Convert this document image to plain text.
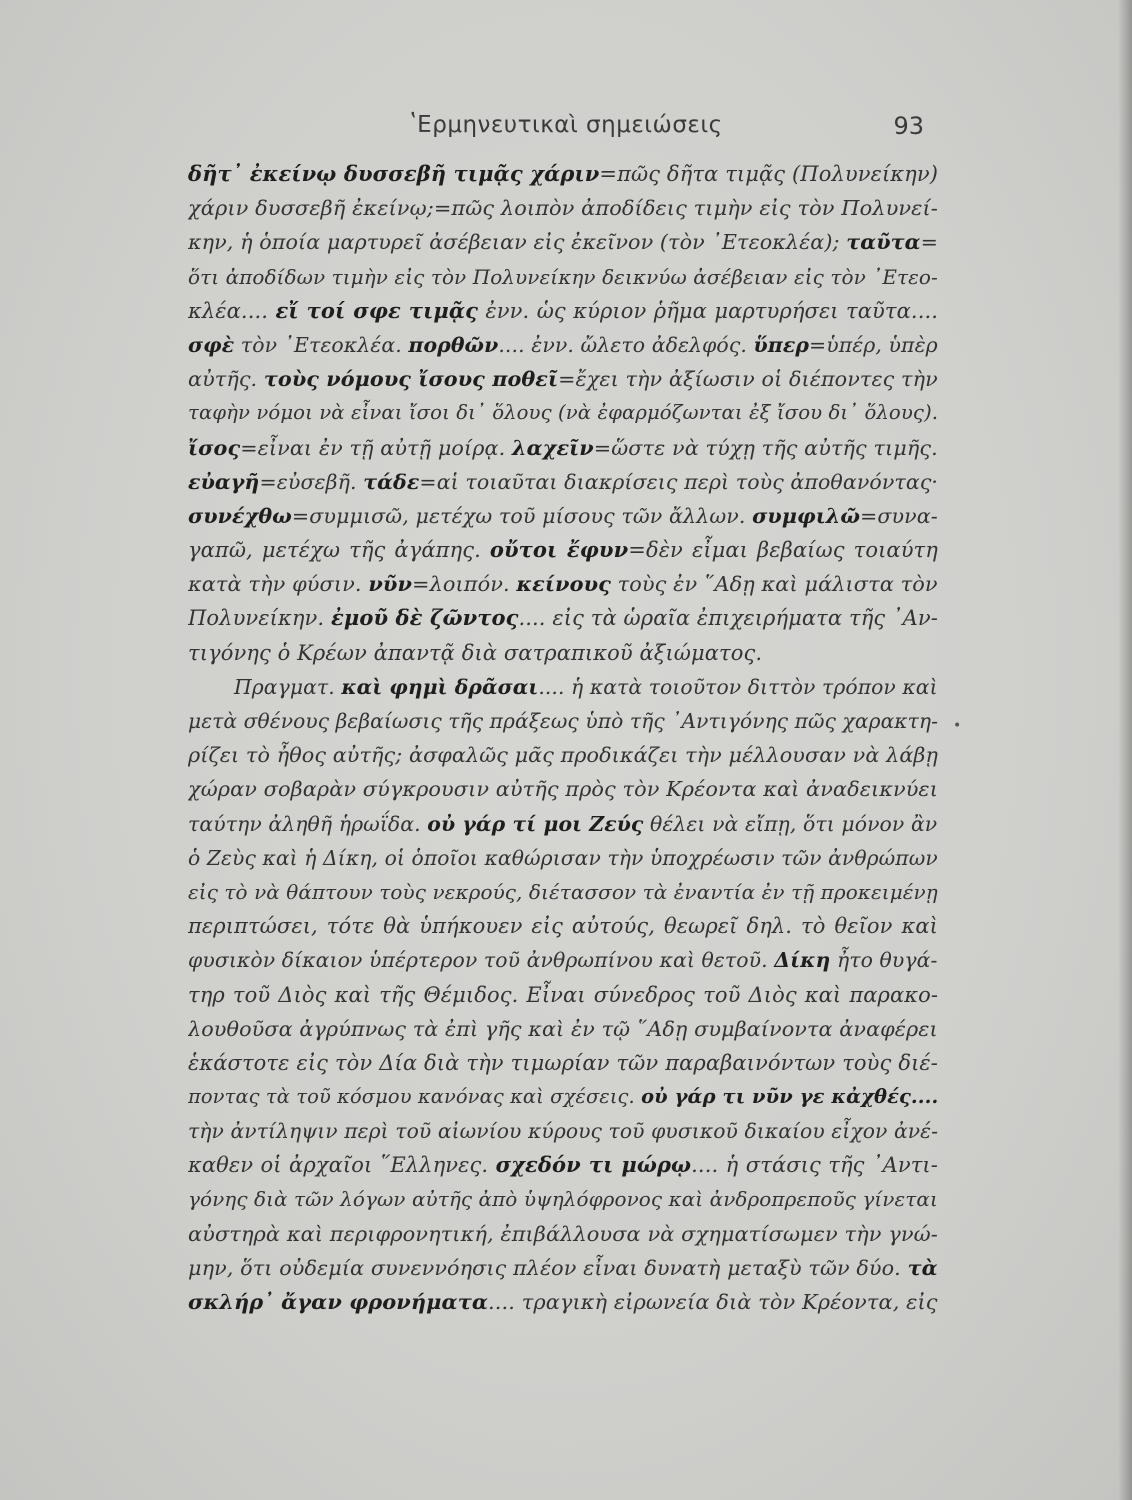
ʽΕρμηνευτικαὶ σημειώσεις	93
δῆτ᾽ ἐκείνῳ δυσσεβῆ τιμᾷς χάριν=πῶς δῆτα τιμᾷς (Πολυνείκην)
χάριν δυσσεβῆ ἐκείνῳ;=πῶς λοιπὸν ἀποδίδεις τιμὴν εἰς τὸν Πολυνεί-
κην, ἡ ὁποία μαρτυρεῖ ἀσέβειαν εἰς ἐκεῖνον (τὸν ᾽Ετεοκλέα); ταῦτα=
ὅτι ἀποδίδων τιμὴν εἰς τὸν Πολυνείκην δεικνύω ἀσέβειαν εἰς τὸν ᾽Ετεο-
κλέα.... εἴ τοί σφε τιμᾷς ἐνν. ὡς κύριον ῥῆμα μαρτυρήσει ταῦτα....
σφὲ τὸν ᾽Ετεοκλέα. πορθῶν.... ἐνν. ὤλετο ἀδελφός. ὕπερ=ὑπέρ, ὑπὲρ
αὐτῆς. τοὺς νόμους ἴσους ποθεῖ=ἔχει τὴν ἀξίωσιν οἱ διέποντες τὴν
ταφὴν νόμοι νὰ εἶναι ἴσοι δι᾽ ὅλους (νὰ ἐφαρμόζωνται ἐξ ἴσου δι᾽ ὅλους).
ἴσος=εἶναι ἐν τῇ αὐτῇ μοίρᾳ. λαχεῖν=ὥστε νὰ τύχῃ τῆς αὐτῆς τιμῆς.
εὐαγῆ=εὐσεβῆ. τάδε=αἱ τοιαῦται διακρίσεις περὶ τοὺς ἀποθανόντας·
συνέχθω=συμμισῶ, μετέχω τοῦ μίσους τῶν ἄλλων. συμφιλῶ=συνα-
γαπῶ, μετέχω τῆς ἀγάπης. οὔτοι ἔφυν=δὲν εἶμαι βεβαίως τοιαύτη
κατὰ τὴν φύσιν. νῦν=λοιπόν. κείνους τοὺς ἐν ῞Αδῃ καὶ μάλιστα τὸν
Πολυνείκην. ἐμοῦ δὲ ζῶντος.... εἰς τὰ ὡραῖα ἐπιχειρήματα τῆς ᾽Αν-
τιγόνης ὁ Κρέων ἀπαντᾷ διὰ σατραπικοῦ ἀξιώματος.
Πραγματ. καὶ φημὶ δρᾶσαι.... ἡ κατὰ τοιοῦτον διττὸν τρόπον καὶ
μετὰ σθένους βεβαίωσις τῆς πράξεως ὑπὸ τῆς ᾽Αντιγόνης πῶς χαρακτη-
ρίζει τὸ ἦθος αὐτῆς; ἀσφαλῶς μᾶς προδικάζει τὴν μέλλουσαν νὰ λάβῃ
χώραν σοβαρὰν σύγκρουσιν αὐτῆς πρὸς τὸν Κρέοντα καὶ ἀναδεικνύει
ταύτην ἀληθῆ ἡρωΐδα. οὐ γάρ τί μοι Ζεύς θέλει νὰ εἴπῃ, ὅτι μόνον ἂν
ὁ Ζεὺς καὶ ἡ Δίκη, οἱ ὁποῖοι καθώρισαν τὴν ὑποχρέωσιν τῶν ἀνθρώπων
εἰς τὸ νὰ θάπτουν τοὺς νεκρούς, διέτασσον τὰ ἐναντία ἐν τῇ προκειμένῃ
περιπτώσει, τότε θὰ ὑπήκουεν εἰς αὐτούς, θεωρεῖ δηλ. τὸ θεῖον καὶ
φυσικὸν δίκαιον ὑπέρτερον τοῦ ἀνθρωπίνου καὶ θετοῦ. Δίκη ἦτο θυγά-
τηρ τοῦ Διὸς καὶ τῆς Θέμιδος. Εἶναι σύνεδρος τοῦ Διὸς καὶ παρακο-
λουθοῦσα ἀγρύπνως τὰ ἐπὶ γῆς καὶ ἐν τῷ ῞Αδῃ συμβαίνοντα ἀναφέρει
ἑκάστοτε εἰς τὸν Δία διὰ τὴν τιμωρίαν τῶν παραβαινόντων τοὺς διέ-
ποντας τὰ τοῦ κόσμου κανόνας καὶ σχέσεις. οὐ γάρ τι νῦν γε κἀχθές....
τὴν ἀντίληψιν περὶ τοῦ αἰωνίου κύρους τοῦ φυσικοῦ δικαίου εἶχον ἀνέ-
καθεν οἱ ἀρχαῖοι ῞Ελληνες. σχεδόν τι μώρῳ.... ἡ στάσις τῆς ᾽Αντι-
γόνης διὰ τῶν λόγων αὐτῆς ἀπὸ ὑψηλόφρονος καὶ ἀνδροπρεποῦς γίνεται
αὐστηρὰ καὶ περιφρονητική, ἐπιβάλλουσα νὰ σχηματίσωμεν τὴν γνώ-
μην, ὅτι οὐδεμία συνεννόησις πλέον εἶναι δυνατὴ μεταξὺ τῶν δύο. τὰ
σκλήρ᾽ ἄγαν φρονήματα.... τραγικὴ εἰρωνεία διὰ τὸν Κρέοντα, εἰς
•
